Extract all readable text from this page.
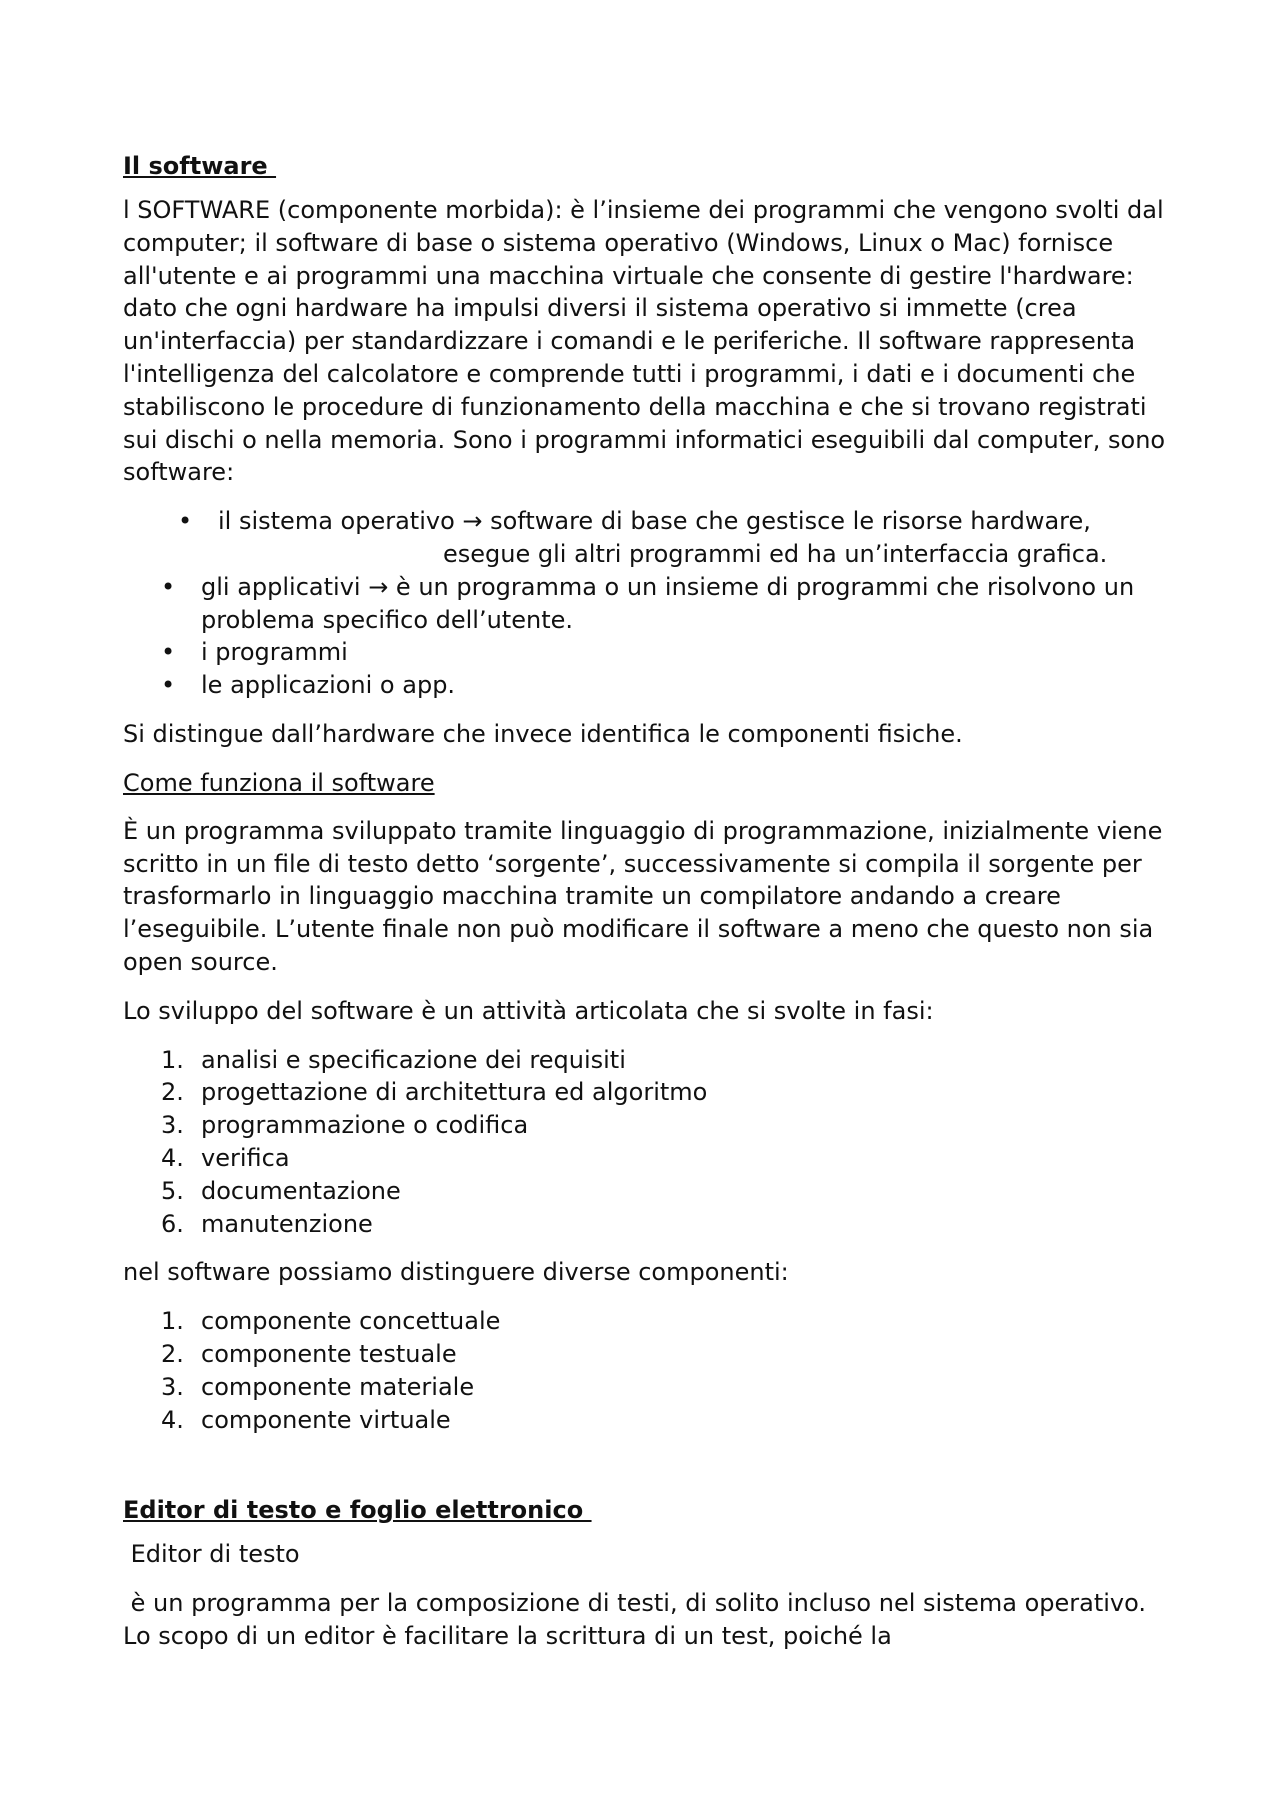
Il software

l SOFTWARE (componente morbida): è l’insieme dei programmi che vengono svolti dal computer; il software di base o sistema operativo (Windows, Linux o Mac) fornisce all'utente e ai programmi una macchina virtuale che consente di gestire l'hardware: dato che ogni hardware ha impulsi diversi il sistema operativo si immette (crea un'interfaccia) per standardizzare i comandi e le periferiche. Il software rappresenta l'intelligenza del calcolatore e comprende tutti i programmi, i dati e i documenti che stabiliscono le procedure di funzionamento della macchina e che si trovano registrati sui dischi o nella memoria. Sono i programmi informatici eseguibili dal computer, sono software:

• il sistema operativo → software di base che gestisce le risorse hardware,
esegue gli altri programmi ed ha un’interfaccia grafica.
• gli applicativi → è un programma o un insieme di programmi che risolvono un problema specifico dell’utente.
• i programmi
• le applicazioni o app.

Si distingue dall’hardware che invece identifica le componenti fisiche.

Come funziona il software

È un programma sviluppato tramite linguaggio di programmazione, inizialmente viene scritto in un file di testo detto ‘sorgente’, successivamente si compila il sorgente per trasformarlo in linguaggio macchina tramite un compilatore andando a creare l’eseguibile. L’utente finale non può modificare il software a meno che questo non sia open source.

Lo sviluppo del software è un attività articolata che si svolte in fasi:

1. analisi e specificazione dei requisiti
2. progettazione di architettura ed algoritmo
3. programmazione o codifica
4. verifica
5. documentazione
6. manutenzione

nel software possiamo distinguere diverse componenti:

1. componente concettuale
2. componente testuale
3. componente materiale
4. componente virtuale
Editor di testo e foglio elettronico

Editor di testo

è un programma per la composizione di testi, di solito incluso nel sistema operativo. Lo scopo di un editor è facilitare la scrittura di un test, poiché la
